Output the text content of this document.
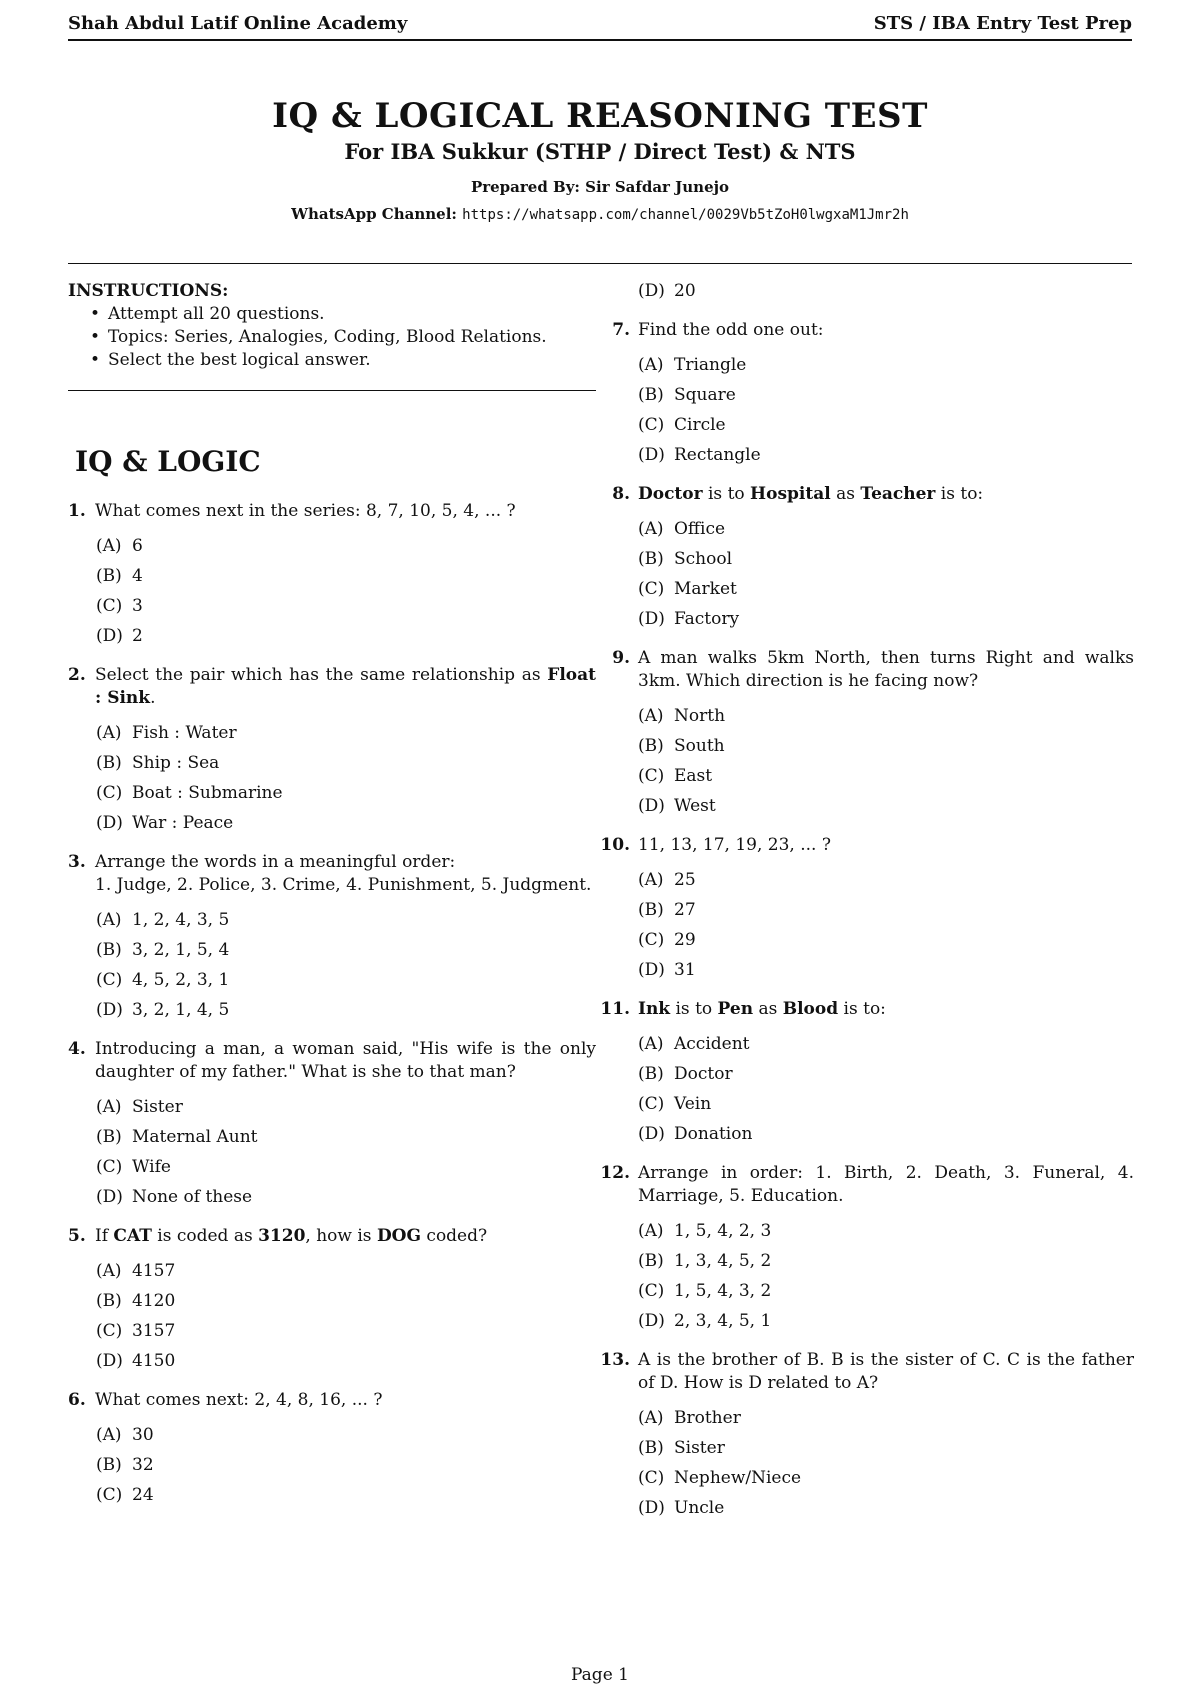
Shah Abdul Latif Online Academy	STS / IBA Entry Test Prep
IQ & LOGICAL REASONING TEST
For IBA Sukkur (STHP / Direct Test) & NTS
Prepared By: Sir Safdar Junejo
WhatsApp Channel: https://whatsapp.com/channel/0029Vb5tZoH0lwgxaM1Jmr2h
INSTRUCTIONS:
• Attempt all 20 questions.
• Topics: Series, Analogies, Coding, Blood Relations.
• Select the best logical answer.
IQ & LOGIC
1. What comes next in the series: 8, 7, 10, 5, 4, ... ?
(A) 6
(B) 4
(C) 3
(D) 2
2. Select the pair which has the same relationship as Float : Sink.
(A) Fish : Water
(B) Ship : Sea
(C) Boat : Submarine
(D) War : Peace
3. Arrange the words in a meaningful order:
1. Judge, 2. Police, 3. Crime, 4. Punishment, 5. Judgment.
(A) 1, 2, 4, 3, 5
(B) 3, 2, 1, 5, 4
(C) 4, 5, 2, 3, 1
(D) 3, 2, 1, 4, 5
4. Introducing a man, a woman said, "His wife is the only daughter of my father." What is she to that man?
(A) Sister
(B) Maternal Aunt
(C) Wife
(D) None of these
5. If CAT is coded as 3120, how is DOG coded?
(A) 4157
(B) 4120
(C) 3157
(D) 4150
6. What comes next: 2, 4, 8, 16, ... ?
(A) 30
(B) 32
(C) 24
(D) 20
7. Find the odd one out:
(A) Triangle
(B) Square
(C) Circle
(D) Rectangle
8. Doctor is to Hospital as Teacher is to:
(A) Office
(B) School
(C) Market
(D) Factory
9. A man walks 5km North, then turns Right and walks 3km. Which direction is he facing now?
(A) North
(B) South
(C) East
(D) West
10. 11, 13, 17, 19, 23, ... ?
(A) 25
(B) 27
(C) 29
(D) 31
11. Ink is to Pen as Blood is to:
(A) Accident
(B) Doctor
(C) Vein
(D) Donation
12. Arrange in order: 1. Birth, 2. Death, 3. Funeral, 4. Marriage, 5. Education.
(A) 1, 5, 4, 2, 3
(B) 1, 3, 4, 5, 2
(C) 1, 5, 4, 3, 2
(D) 2, 3, 4, 5, 1
13. A is the brother of B. B is the sister of C. C is the father of D. How is D related to A?
(A) Brother
(B) Sister
(C) Nephew/Niece
(D) Uncle
Page 1
